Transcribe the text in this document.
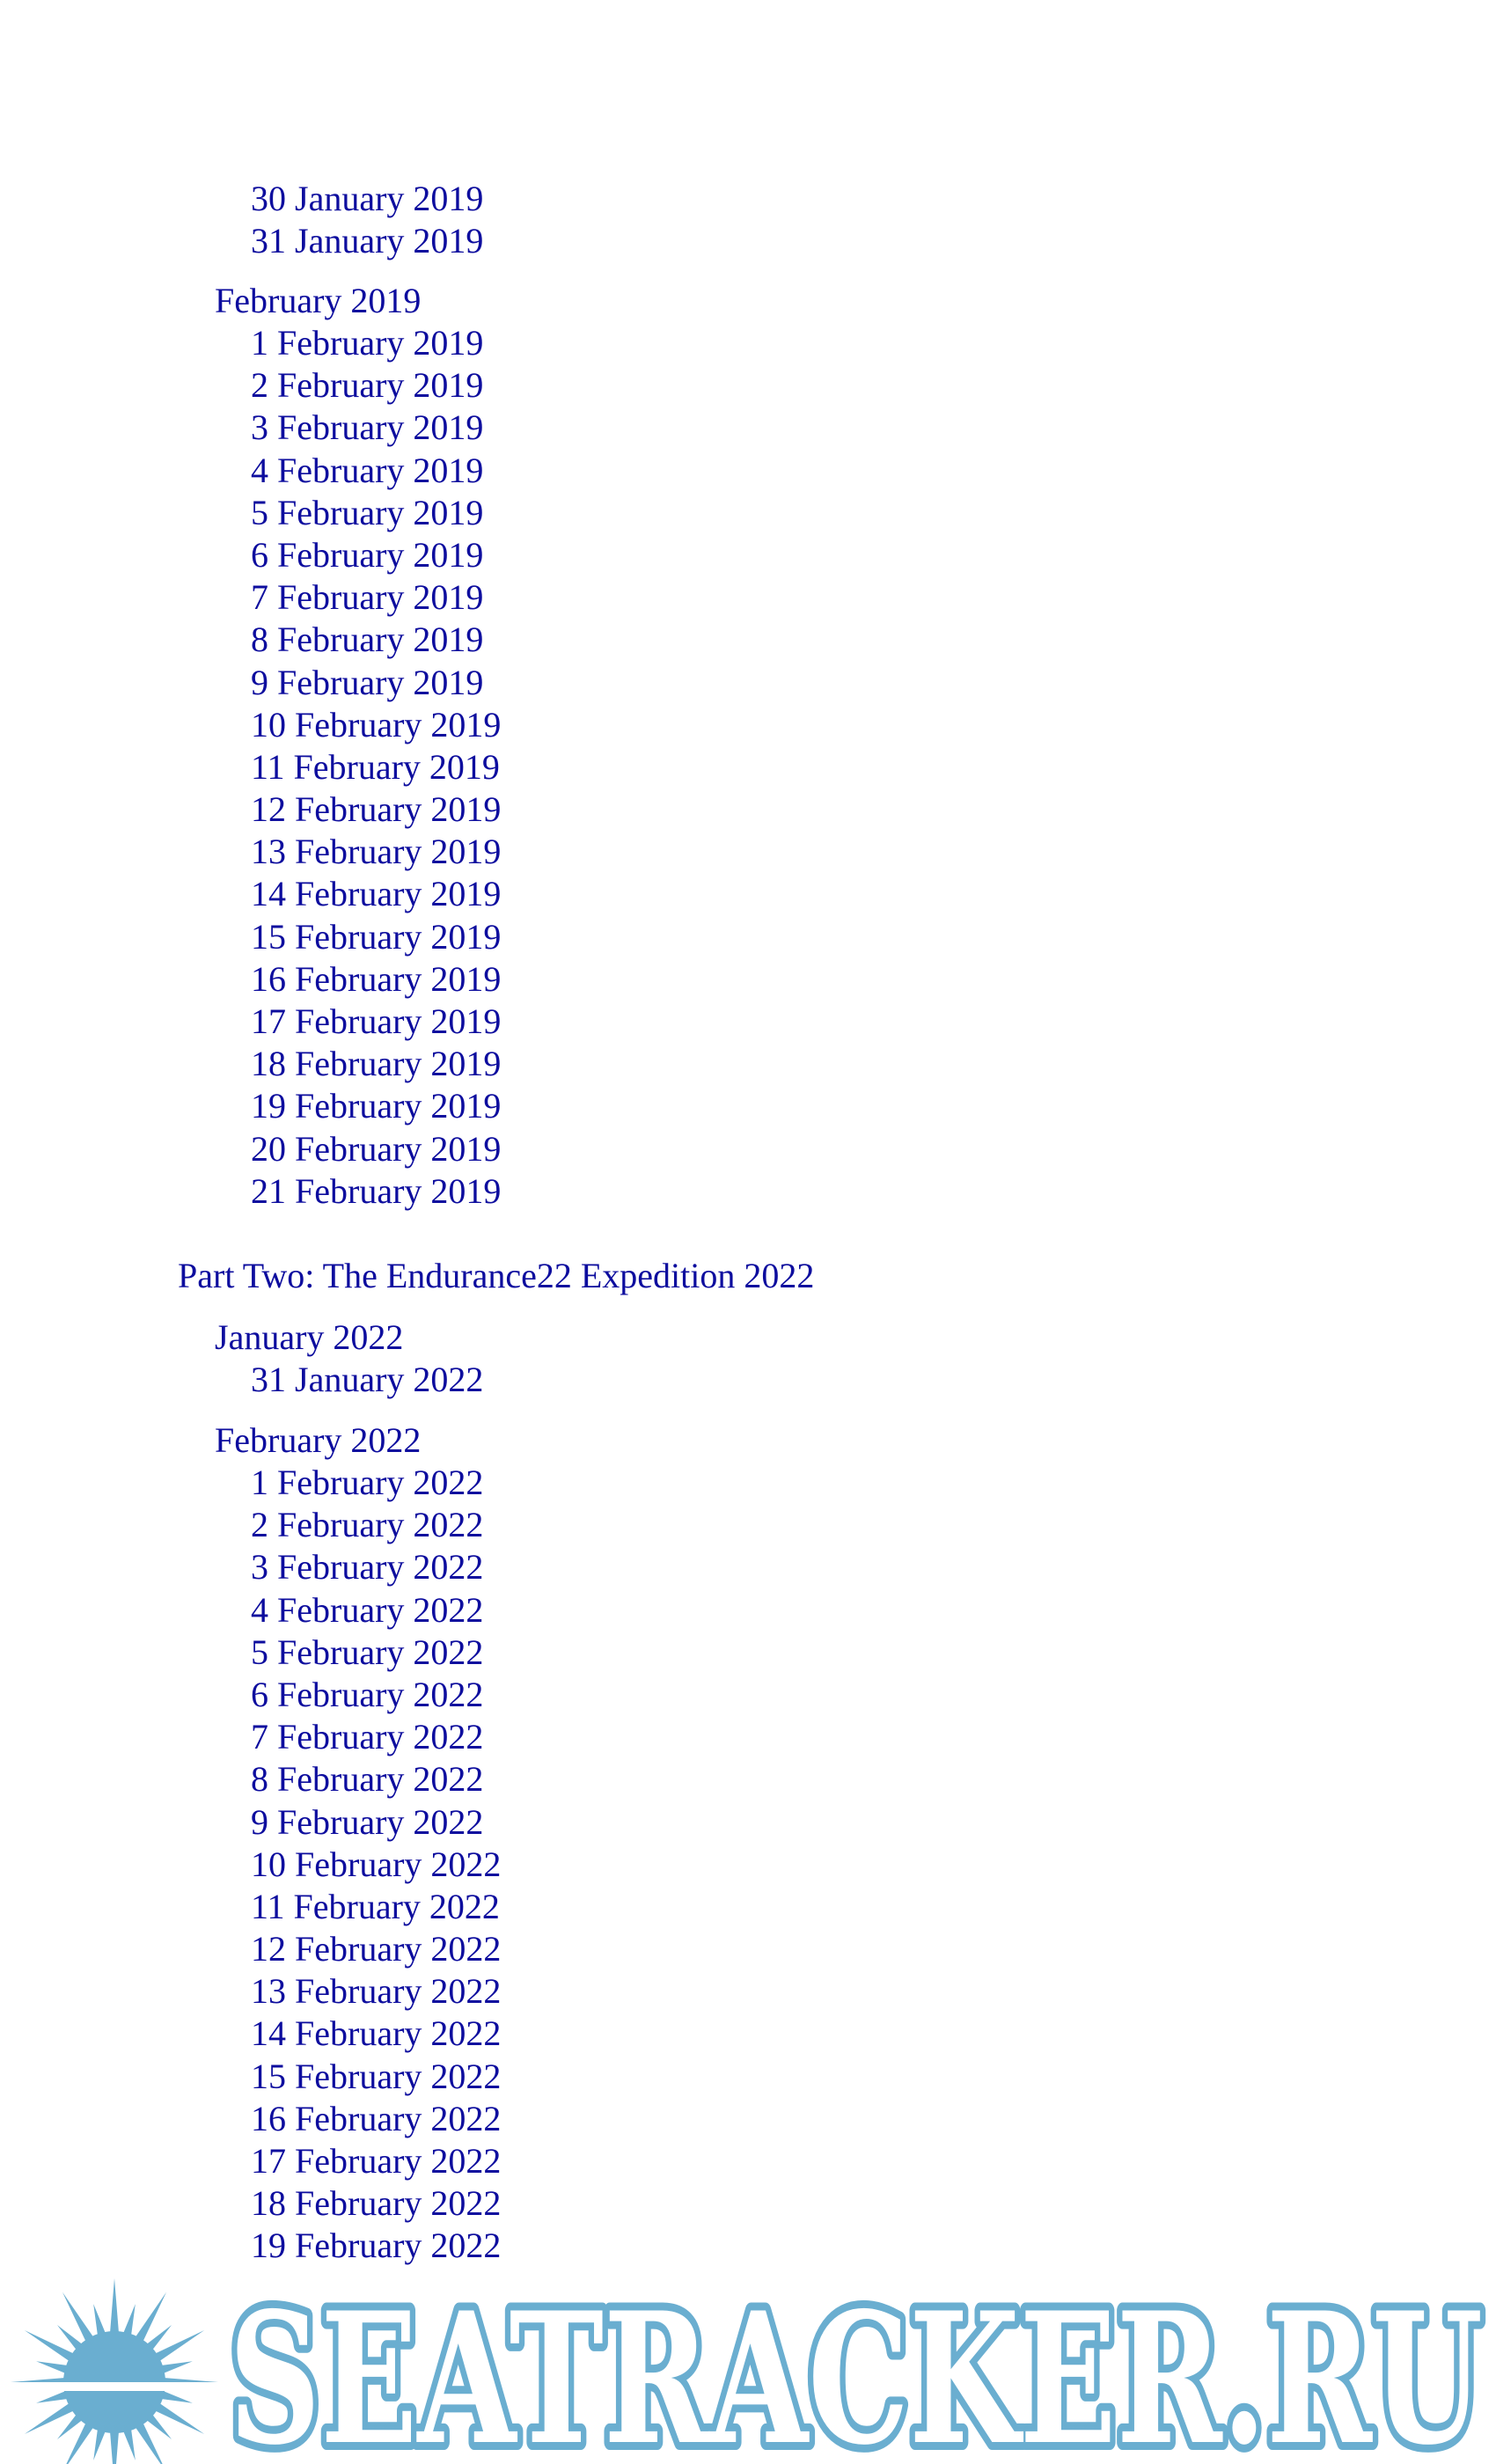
30 January 2019
31 January 2019
February 2019
1 February 2019
2 February 2019
3 February 2019
4 February 2019
5 February 2019
6 February 2019
7 February 2019
8 February 2019
9 February 2019
10 February 2019
11 February 2019
12 February 2019
13 February 2019
14 February 2019
15 February 2019
16 February 2019
17 February 2019
18 February 2019
19 February 2019
20 February 2019
21 February 2019
Part Two: The Endurance22 Expedition 2022
January 2022
31 January 2022
February 2022
1 February 2022
2 February 2022
3 February 2022
4 February 2022
5 February 2022
6 February 2022
7 February 2022
8 February 2022
9 February 2022
10 February 2022
11 February 2022
12 February 2022
13 February 2022
14 February 2022
15 February 2022
16 February 2022
17 February 2022
18 February 2022
19 February 2022
SEATRACKER.RU
SEATRACKER.RU
